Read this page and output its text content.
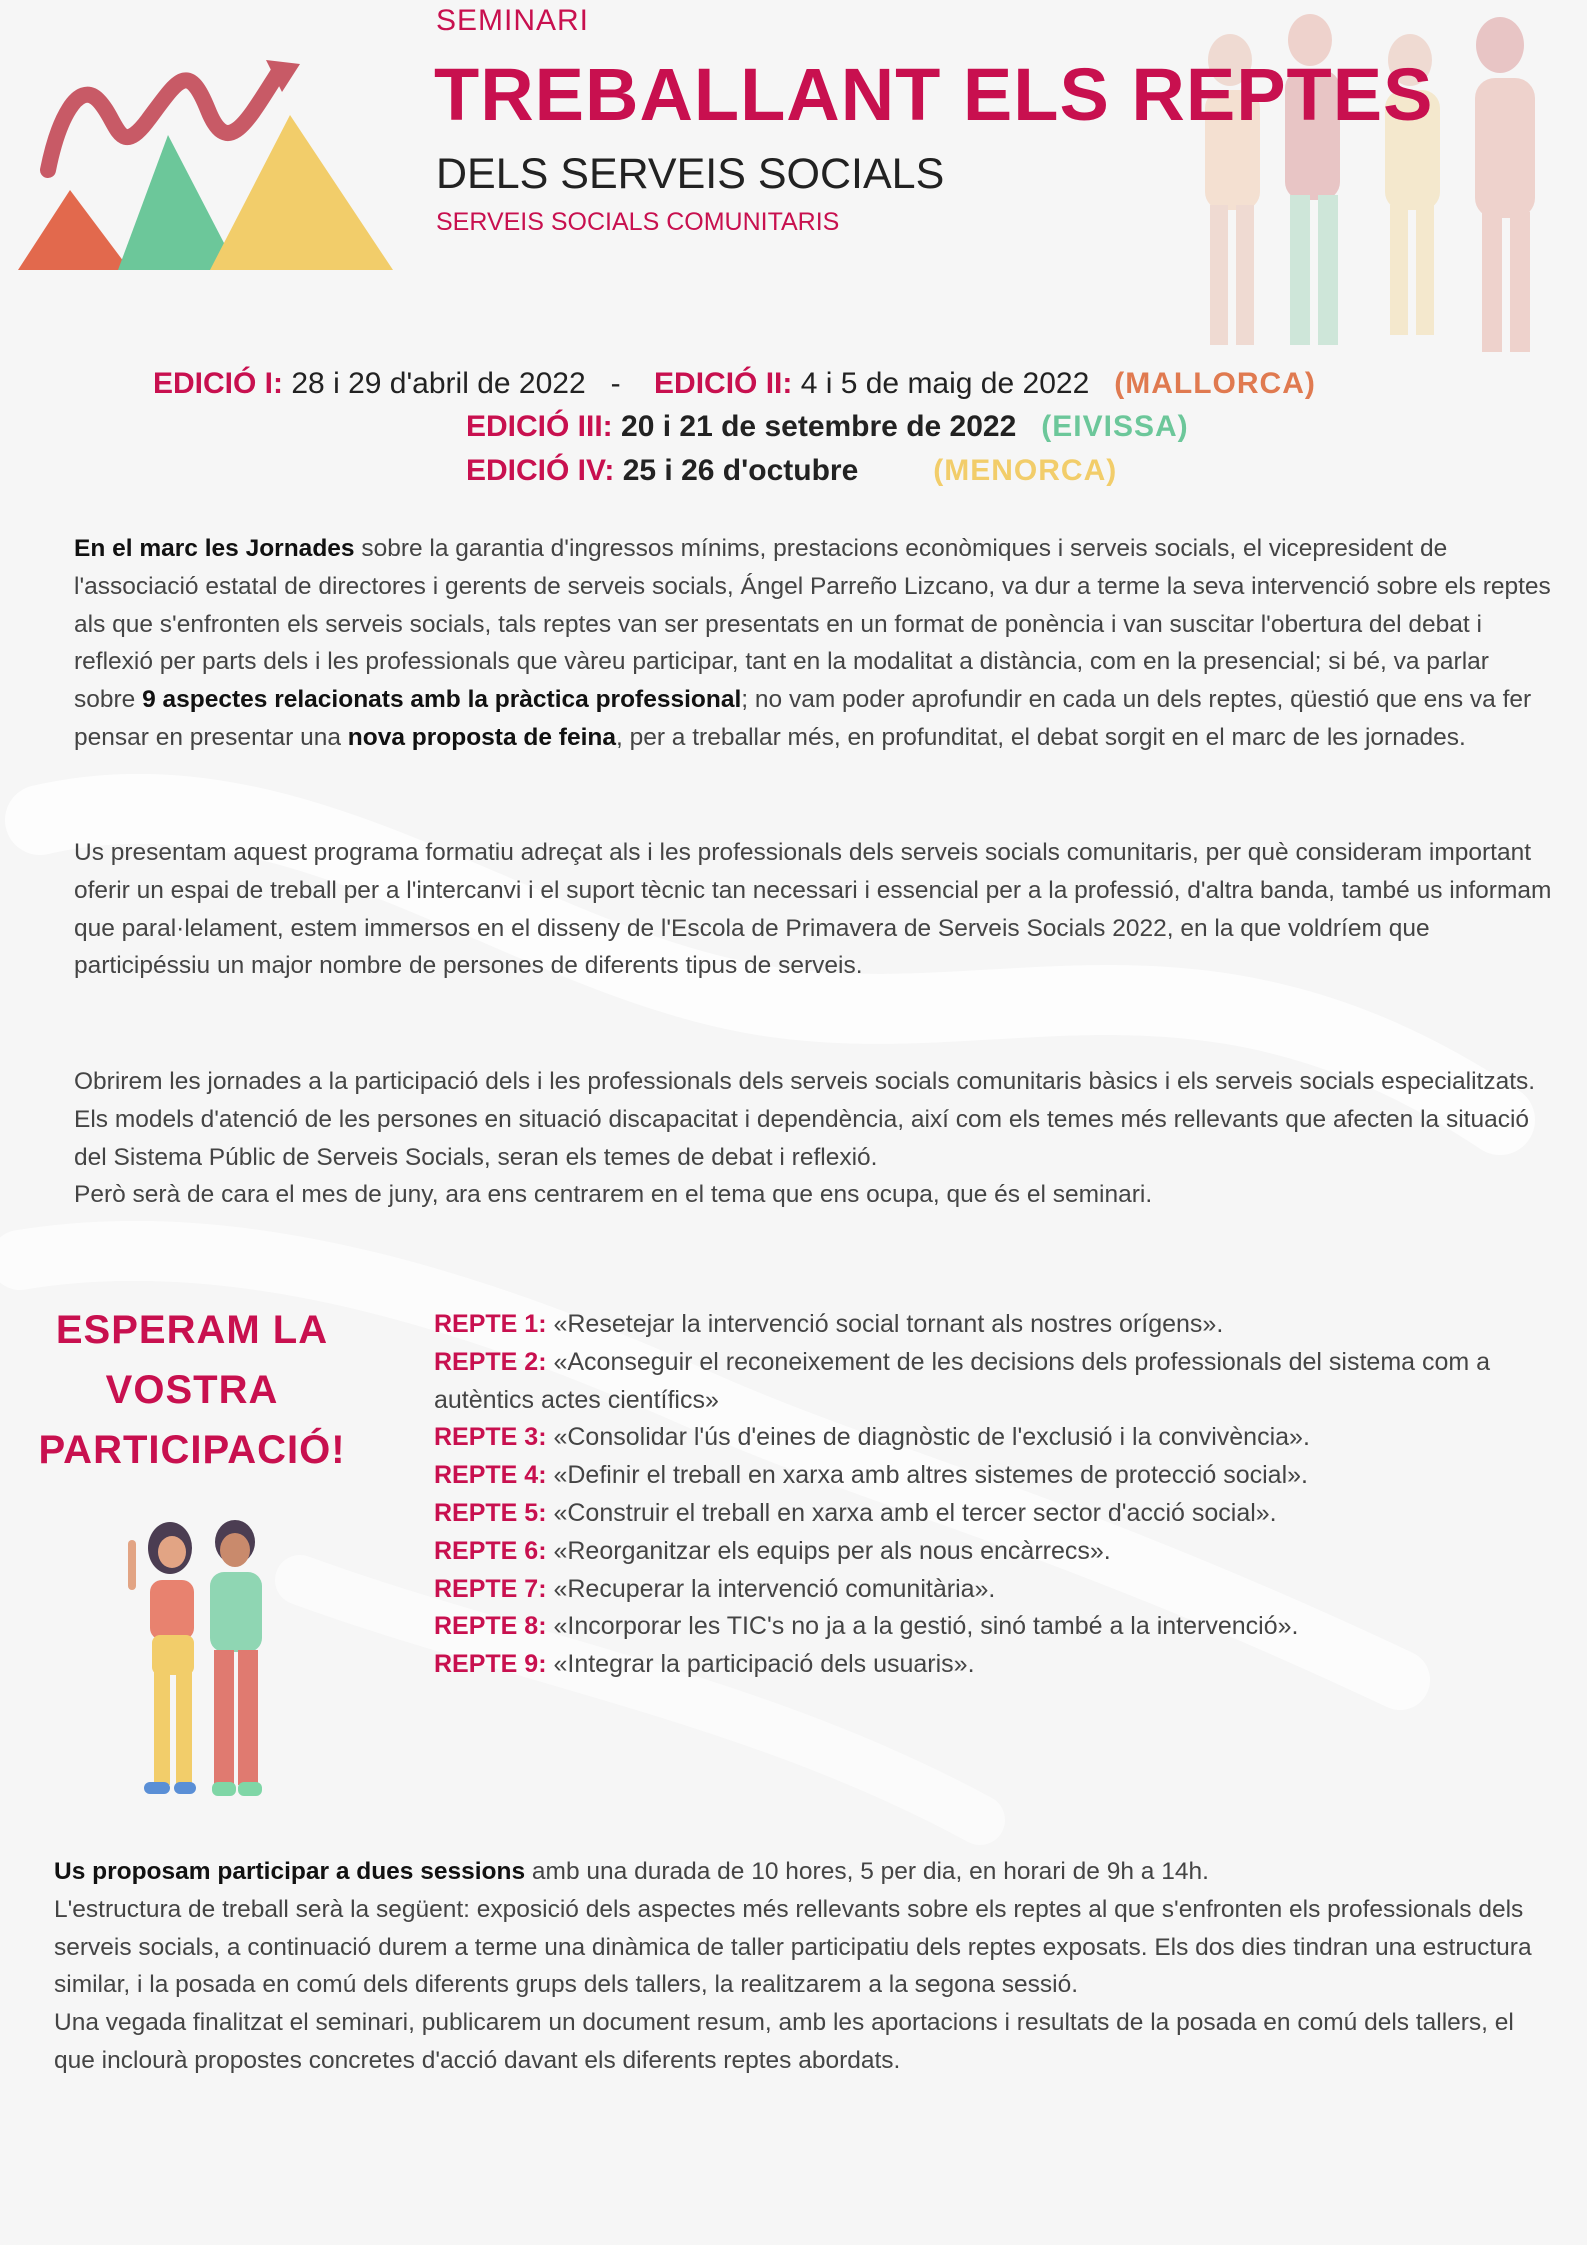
SEMINARI
TREBALLANT ELS REPTES
DELS SERVEIS SOCIALS
SERVEIS SOCIALS COMUNITARIS
EDICIÓ I: 28 i 29 d'abril de 2022 - EDICIÓ II: 4 i 5 de maig de 2022 (MALLORCA)
EDICIÓ III: 20 i 21 de setembre de 2022 (EIVISSA)
EDICIÓ IV: 25 i 26 d'octubre	(MENORCA)
En el marc les Jornades sobre la garantia d'ingressos mínims, prestacions econòmiques i serveis socials, el vicepresident de l'associació estatal de directores i gerents de serveis socials, Ángel Parreño Lizcano, va dur a terme la seva intervenció sobre els reptes als que s'enfronten els serveis socials, tals reptes van ser presentats en un format de ponència i van suscitar l'obertura del debat i reflexió per parts dels i les professionals que vàreu participar, tant en la modalitat a distància, com en la presencial; si bé, va parlar sobre 9 aspectes relacionats amb la pràctica professional; no vam poder aprofundir en cada un dels reptes, qüestió que ens va fer pensar en presentar una nova proposta de feina, per a treballar més, en profunditat, el debat sorgit en el marc de les jornades.
Us presentam aquest programa formatiu adreçat als i les professionals dels serveis socials comunitaris, per què consideram important oferir un espai de treball per a l'intercanvi i el suport tècnic tan necessari i essencial per a la professió, d'altra banda, també us informam que paral·lelament, estem immersos en el disseny de l'Escola de Primavera de Serveis Socials 2022, en la que voldríem que participéssiu un major nombre de persones de diferents tipus de serveis.
Obrirem les jornades a la participació dels i les professionals dels serveis socials comunitaris bàsics i els serveis socials especialitzats. Els models d'atenció de les persones en situació discapacitat i dependència, així com els temes més rellevants que afecten la situació del Sistema Públic de Serveis Socials, seran els temes de debat i reflexió.
Però serà de cara el mes de juny, ara ens centrarem en el tema que ens ocupa, que és el seminari.
ESPERAM LA
VOSTRA
PARTICIPACIÓ!
REPTE 1: «Resetejar la intervenció social tornant als nostres orígens».
REPTE 2: «Aconseguir el reconeixement de les decisions dels professionals del sistema com a autèntics actes científics»
REPTE 3: «Consolidar l'ús d'eines de diagnòstic de l'exclusió i la convivència».
REPTE 4: «Definir el treball en xarxa amb altres sistemes de protecció social».
REPTE 5: «Construir el treball en xarxa amb el tercer sector d'acció social».
REPTE 6: «Reorganitzar els equips per als nous encàrrecs».
REPTE 7: «Recuperar la intervenció comunitària».
REPTE 8: «Incorporar les TIC's no ja a la gestió, sinó també a la intervenció».
REPTE 9: «Integrar la participació dels usuaris».
Us proposam participar a dues sessions amb una durada de 10 hores, 5 per dia, en horari de 9h a 14h.
L'estructura de treball serà la següent: exposició dels aspectes més rellevants sobre els reptes al que s'enfronten els professionals dels serveis socials, a continuació durem a terme una dinàmica de taller participatiu dels reptes exposats. Els dos dies tindran una estructura similar, i la posada en comú dels diferents grups dels tallers, la realitzarem a la segona sessió.
Una vegada finalitzat el seminari, publicarem un document resum, amb les aportacions i resultats de la posada en comú dels tallers, el que inclourà propostes concretes d'acció davant els diferents reptes abordats.
